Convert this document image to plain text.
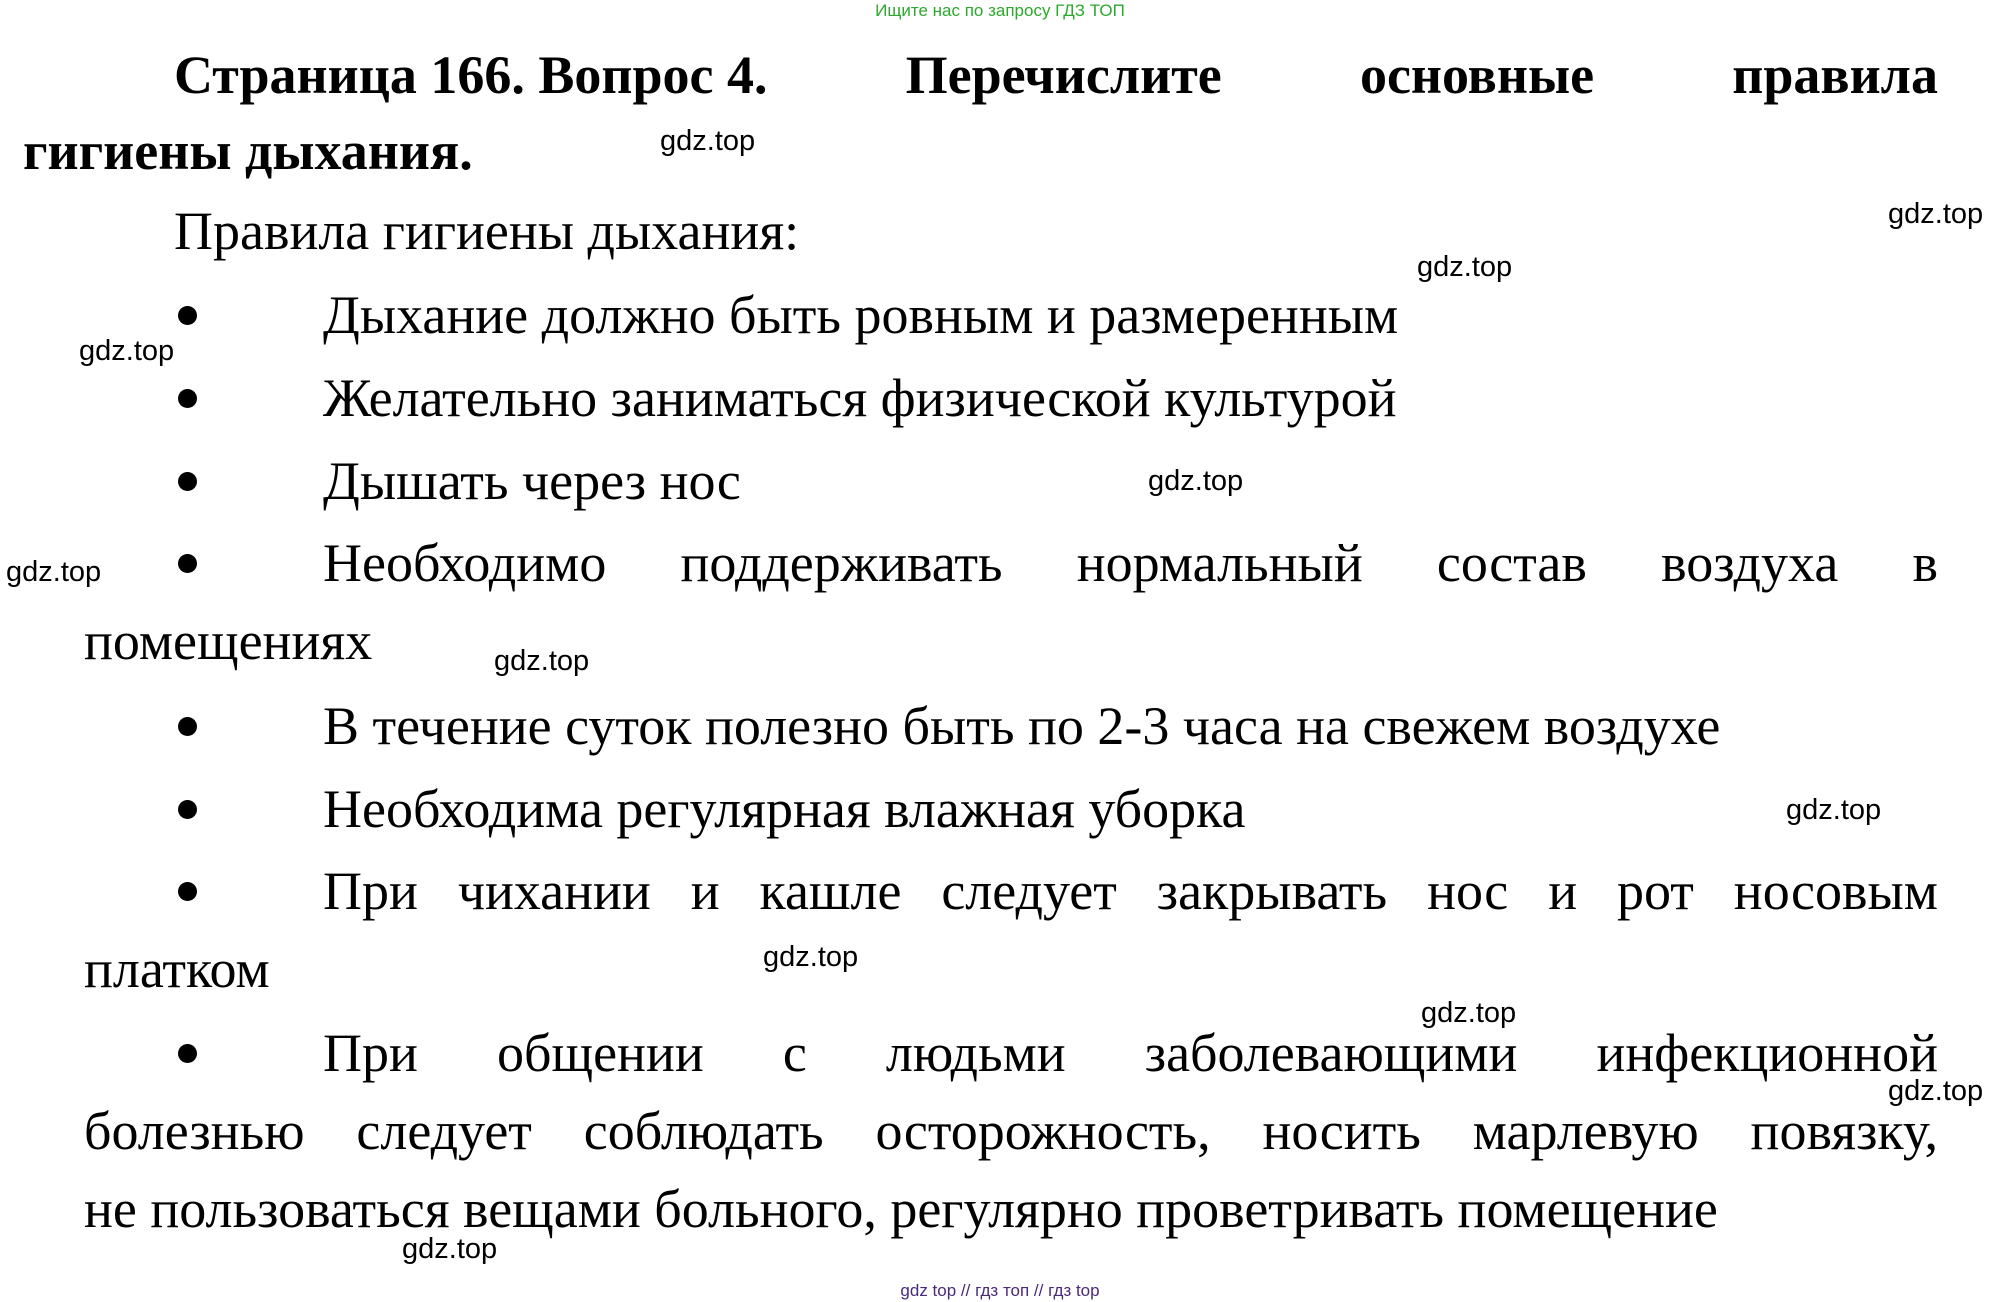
Ищите нас по запросу ГДЗ ТОП
Страница 166. Вопрос 4.	Перечислите	основные	правила
гигиены дыхания.
Правила гигиены дыхания:
Дыхание должно быть ровным и размеренным
Желательно заниматься физической культурой
Дышать через нос
Необходимо поддерживать нормальный состав воздуха в
помещениях
В течение суток полезно быть по 2-3 часа на свежем воздухе
Необходима регулярная влажная уборка
При чихании и кашле следует закрывать нос и рот носовым
платком
При общении с людьми заболевающими инфекционной
болезнью следует соблюдать осторожность, носить марлевую повязку,
не пользоваться вещами больного, регулярно проветривать помещение
gdz.top
gdz.top
gdz.top
gdz.top
gdz.top
gdz.top
gdz.top
gdz.top
gdz.top
gdz.top
gdz.top
gdz.top
gdz top // гдз топ // гдз top
